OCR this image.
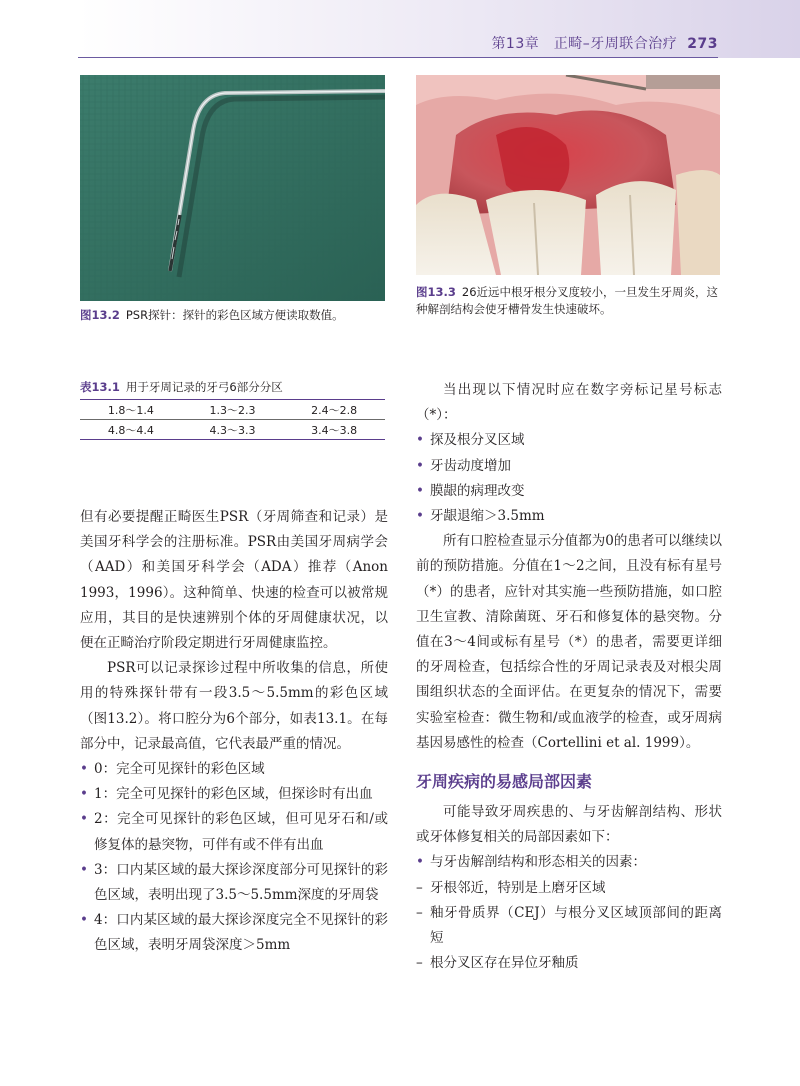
第13章　正畸–牙周联合治疗 273
图13.2 PSR探针：探针的彩色区域方便读取数值。
图13.3 26近远中根牙根分叉度较小，一旦发生牙周炎，这种解剖结构会使牙槽骨发生快速破坏。
表13.1 用于牙周记录的牙弓6部分分区
1.8～1.4	1.3～2.3	2.4～2.8
4.8～4.4	4.3～3.3	3.4～3.8

但有必要提醒正畸医生PSR（牙周筛查和记录）是美国牙科学会的注册标准。PSR由美国牙周病学会（AAD）和美国牙科学会（ADA）推荐（Anon 1993，1996）。这种简单、快速的检查可以被常规应用，其目的是快速辨别个体的牙周健康状况，以便在正畸治疗阶段定期进行牙周健康监控。

PSR可以记录探诊过程中所收集的信息，所使用的特殊探针带有一段3.5～5.5mm的彩色区域（图13.2）。将口腔分为6个部分，如表13.1。在每部分中，记录最高值，它代表最严重的情况。

• 0：完全可见探针的彩色区域

• 1：完全可见探针的彩色区域，但探诊时有出血

• 2：完全可见探针的彩色区域，但可见牙石和/或修复体的悬突物，可伴有或不伴有出血

• 3：口内某区域的最大探诊深度部分可见探针的彩色区域，表明出现了3.5～5.5mm深度的牙周袋

• 4：口内某区域的最大探诊深度完全不见探针的彩色区域，表明牙周袋深度＞5mm

当出现以下情况时应在数字旁标记星号标志（*）：

• 探及根分叉区域

• 牙齿动度增加

• 膜龈的病理改变

• 牙龈退缩＞3.5mm

所有口腔检查显示分值都为0的患者可以继续以前的预防措施。分值在1～2之间，且没有标有星号（*）的患者，应针对其实施一些预防措施，如口腔卫生宣教、清除菌斑、牙石和修复体的悬突物。分值在3～4间或标有星号（*）的患者，需要更详细的牙周检查，包括综合性的牙周记录表及对根尖周围组织状态的全面评估。在更复杂的情况下，需要实验室检查：微生物和/或血液学的检查，或牙周病基因易感性的检查（Cortellini et al. 1999）。

牙周疾病的易感局部因素

可能导致牙周疾患的、与牙齿解剖结构、形状或牙体修复相关的局部因素如下：

• 与牙齿解剖结构和形态相关的因素：

– 牙根邻近，特别是上磨牙区域

– 釉牙骨质界（CEJ）与根分叉区域顶部间的距离短

– 根分叉区存在异位牙釉质
